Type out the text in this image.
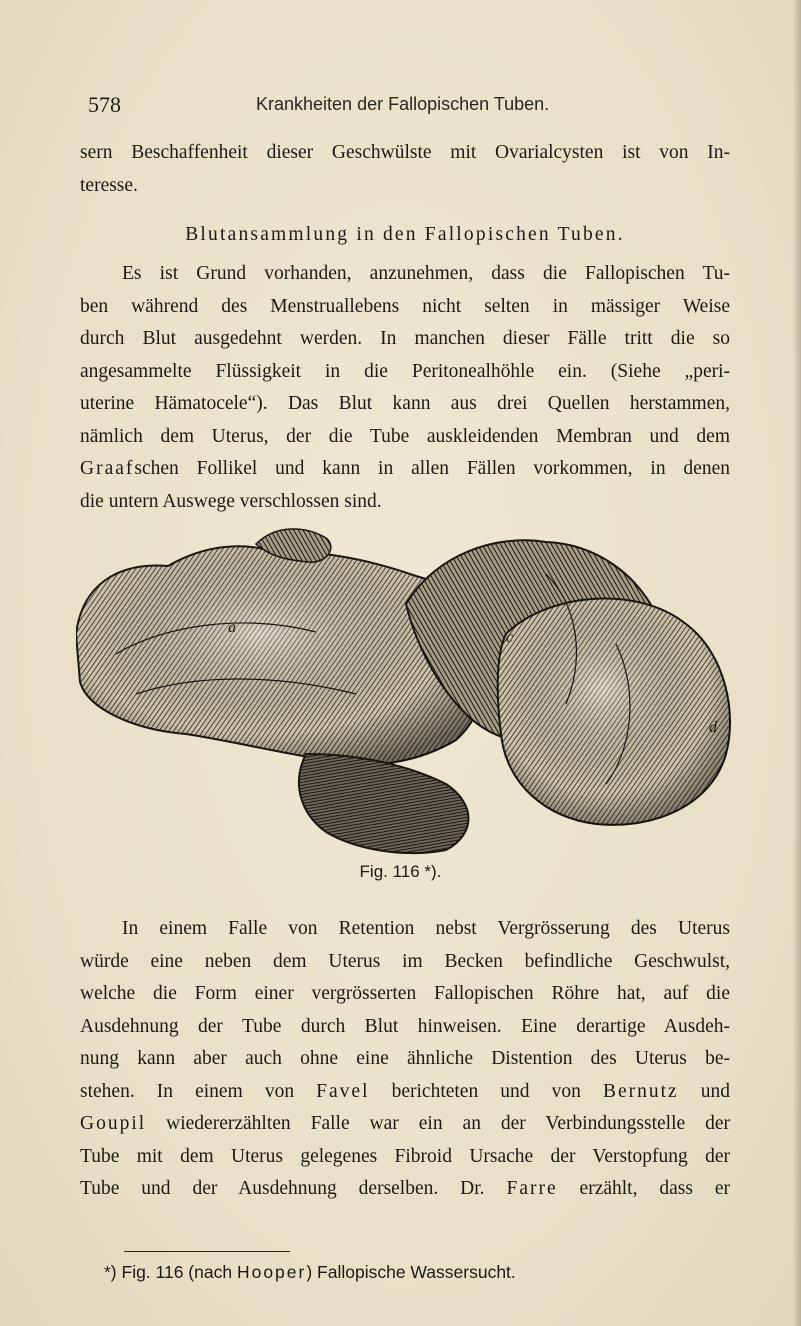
578	Krankheiten der Fallopischen Tuben.
sern Beschaffenheit dieser Geschwülste mit Ovarialcysten ist von In-
teresse.
Blutansammlung in den Fallopischen Tuben.
Es ist Grund vorhanden, anzunehmen, dass die Fallopischen Tu-
ben während des Menstruallebens nicht selten in mässiger Weise
durch Blut ausgedehnt werden. In manchen dieser Fälle tritt die so
angesammelte Flüssigkeit in die Peritonealhöhle ein. (Siehe „peri-
uterine Hämatocele“). Das Blut kann aus drei Quellen herstammen,
nämlich dem Uterus, der die Tube auskleidenden Membran und dem
Graafschen Follikel und kann in allen Fällen vorkommen, in denen
die untern Auswege verschlossen sind.
a
c
d
Fig. 116 *).
In einem Falle von Retention nebst Vergrösserung des Uterus
würde eine neben dem Uterus im Becken befindliche Geschwulst,
welche die Form einer vergrösserten Fallopischen Röhre hat, auf die
Ausdehnung der Tube durch Blut hinweisen. Eine derartige Ausdeh-
nung kann aber auch ohne eine ähnliche Distention des Uterus be-
stehen. In einem von Favel berichteten und von Bernutz und
Goupil wiedererzählten Falle war ein an der Verbindungsstelle der
Tube mit dem Uterus gelegenes Fibroid Ursache der Verstopfung der
Tube und der Ausdehnung derselben. Dr. Farre erzählt, dass er
*) Fig. 116 (nach Hooper) Fallopische Wassersucht.
